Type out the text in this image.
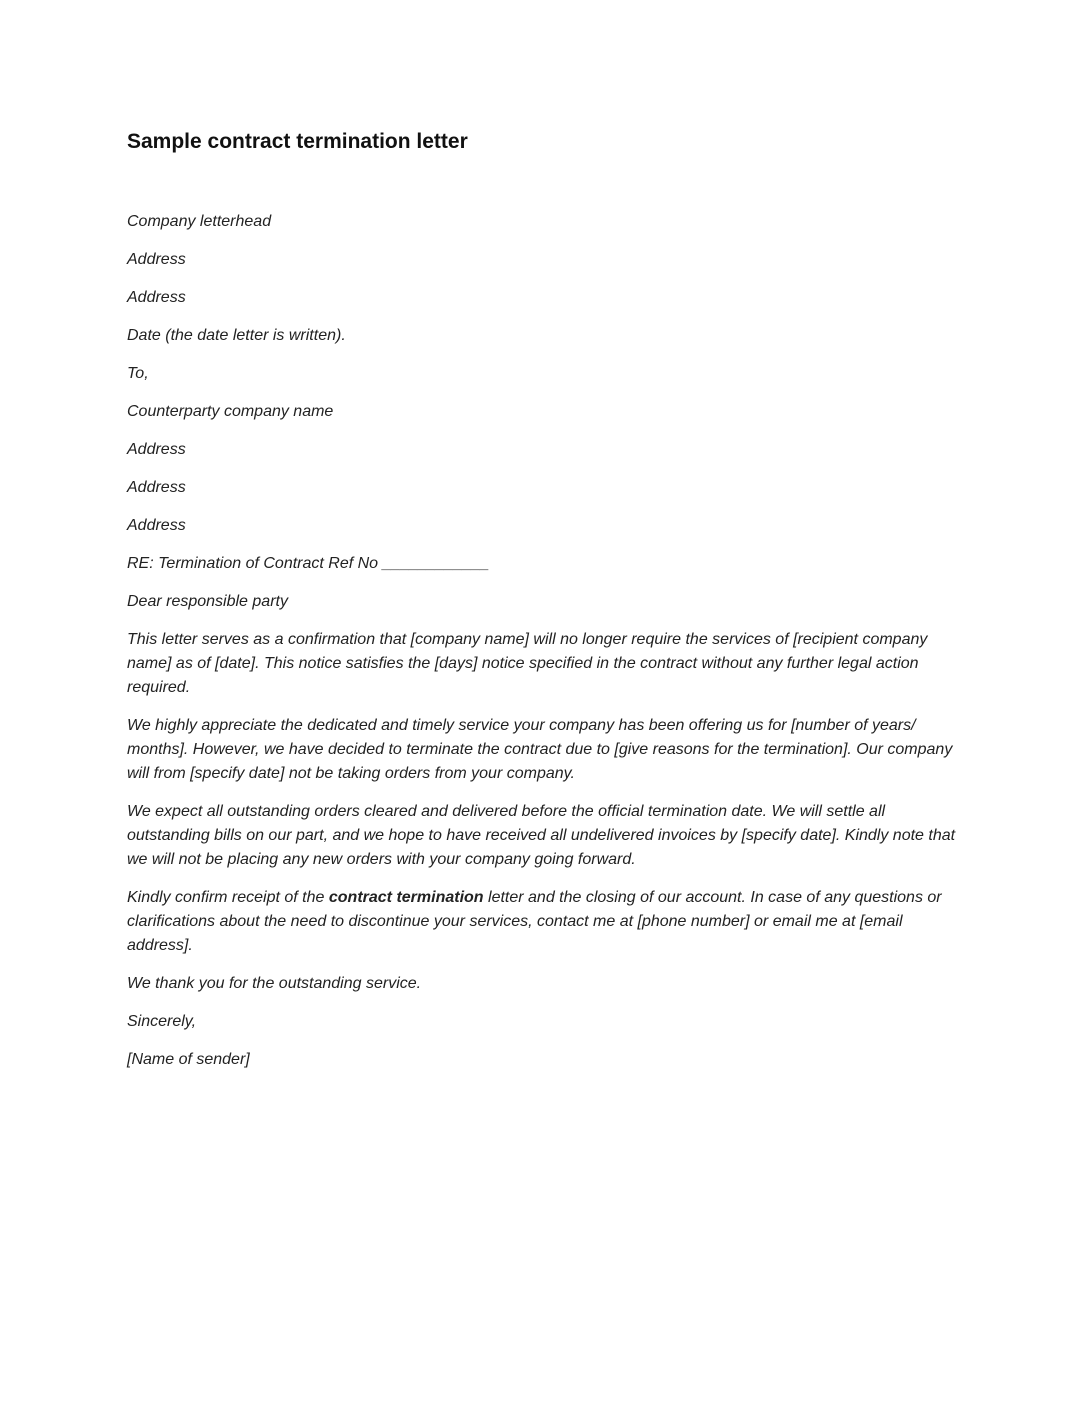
Sample contract termination letter

Company letterhead

Address

Address

Date (the date letter is written).

To,

Counterparty company name

Address

Address

Address

RE: Termination of Contract Ref No ____________

Dear responsible party

This letter serves as a confirmation that [company name] will no longer require the services of [recipient company name] as of [date]. This notice satisfies the [days] notice specified in the contract without any further legal action required.

We highly appreciate the dedicated and timely service your company has been offering us for [number of years/ months]. However, we have decided to terminate the contract due to [give reasons for the termination]. Our company will from [specify date] not be taking orders from your company.

We expect all outstanding orders cleared and delivered before the official termination date. We will settle all outstanding bills on our part, and we hope to have received all undelivered invoices by [specify date]. Kindly note that we will not be placing any new orders with your company going forward.

Kindly confirm receipt of the contract termination letter and the closing of our account. In case of any questions or clarifications about the need to discontinue your services, contact me at [phone number] or email me at [email address].

We thank you for the outstanding service.

Sincerely,

[Name of sender]
